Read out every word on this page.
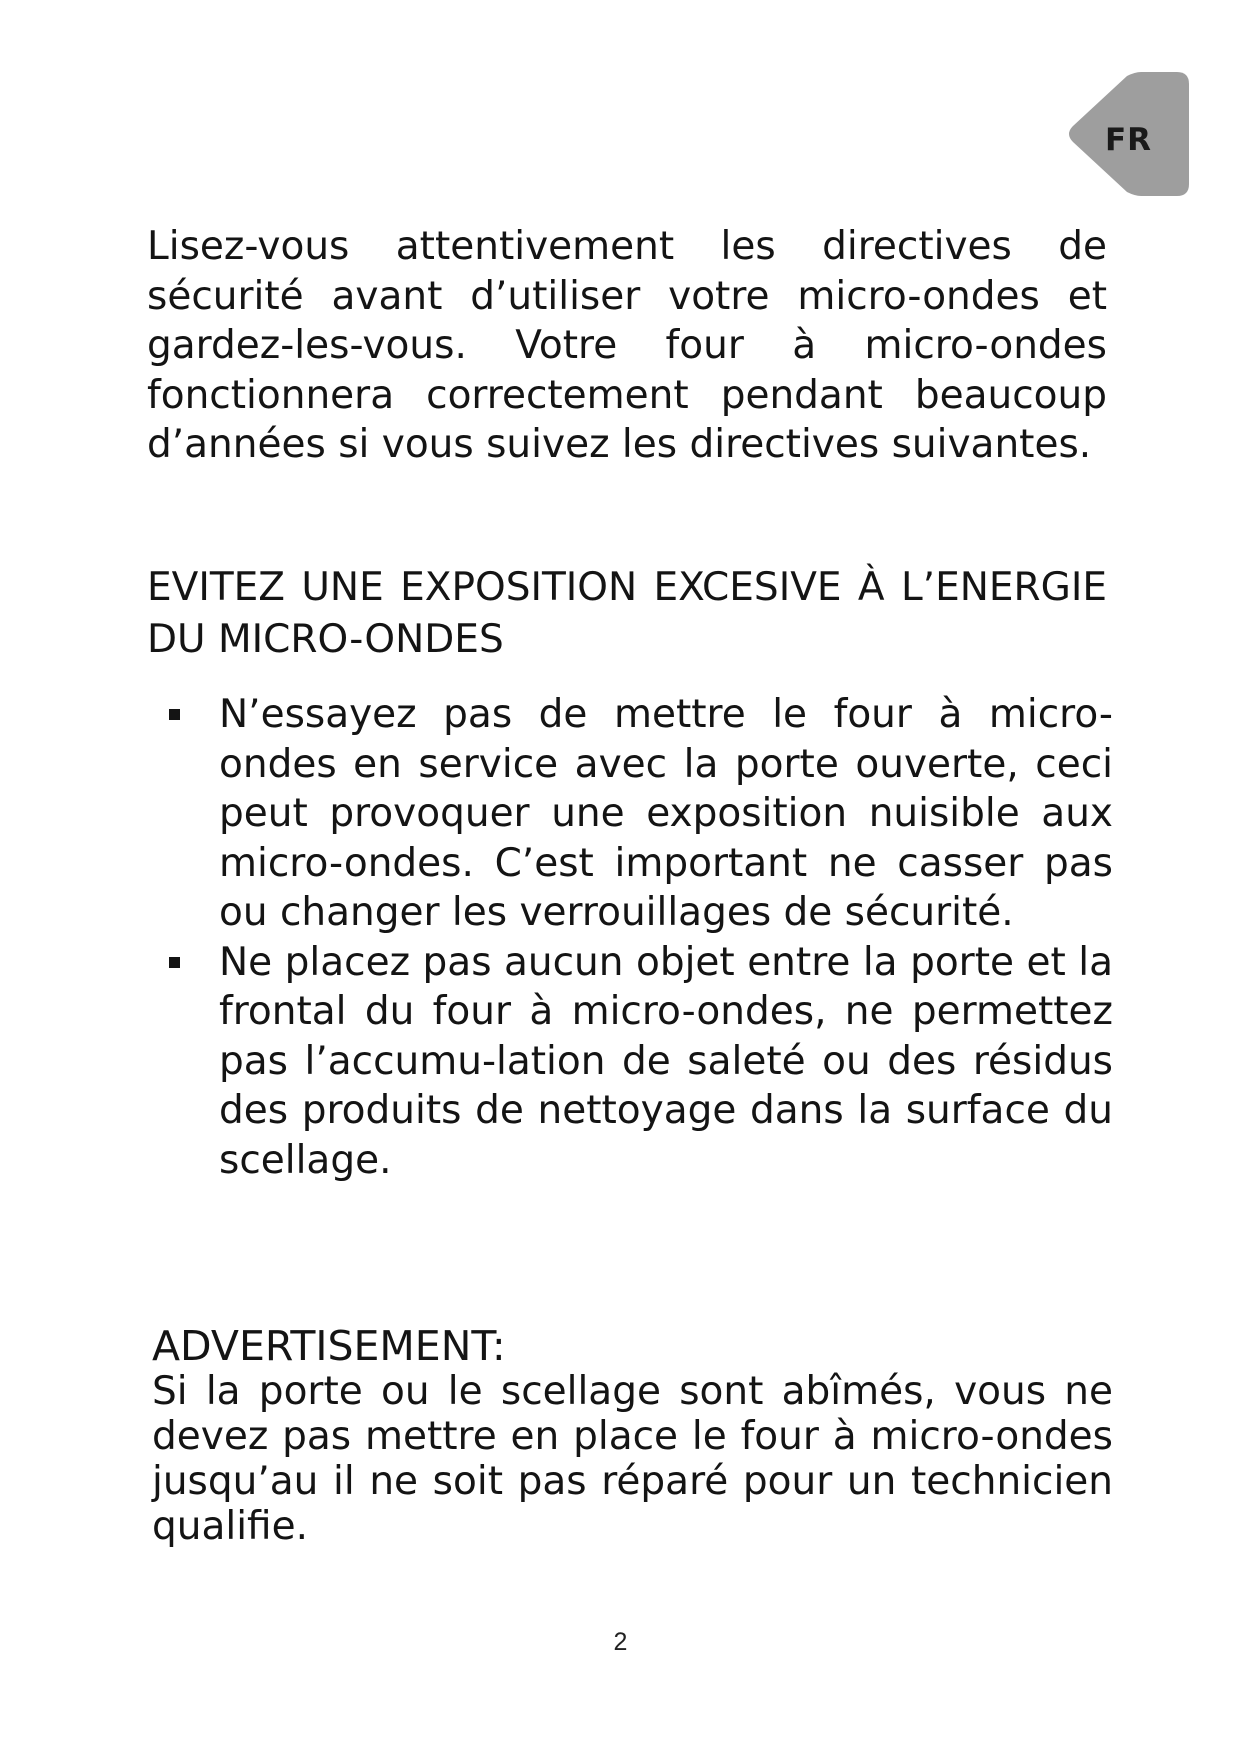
FR

Lisez-vous attentivement les directives de sécurité avant d’utiliser votre micro-ondes et gardez-les-vous. Votre four à micro-ondes fonctionnera correctement pendant beaucoup d’années si vous suivez les directives suivantes.

EVITEZ UNE EXPOSITION EXCESIVE À L’ENERGIE DU MICRO-ONDES
N’essayez pas de mettre le four à micro-ondes en service avec la porte ouverte, ceci peut provoquer une exposition nuisible aux micro-ondes. C’est important ne casser pas ou changer les verrouillages de sécurité.
Ne placez pas aucun objet entre la porte et la frontal du four à micro-ondes, ne permettez pas l’accumu-lation de saleté ou des résidus des produits de nettoyage dans la surface du scellage.
ADVERTISEMENT:

Si la porte ou le scellage sont abîmés, vous ne devez pas mettre en place le four à micro-ondes jusqu’au il ne soit pas réparé pour un technicien qualifie.

2
